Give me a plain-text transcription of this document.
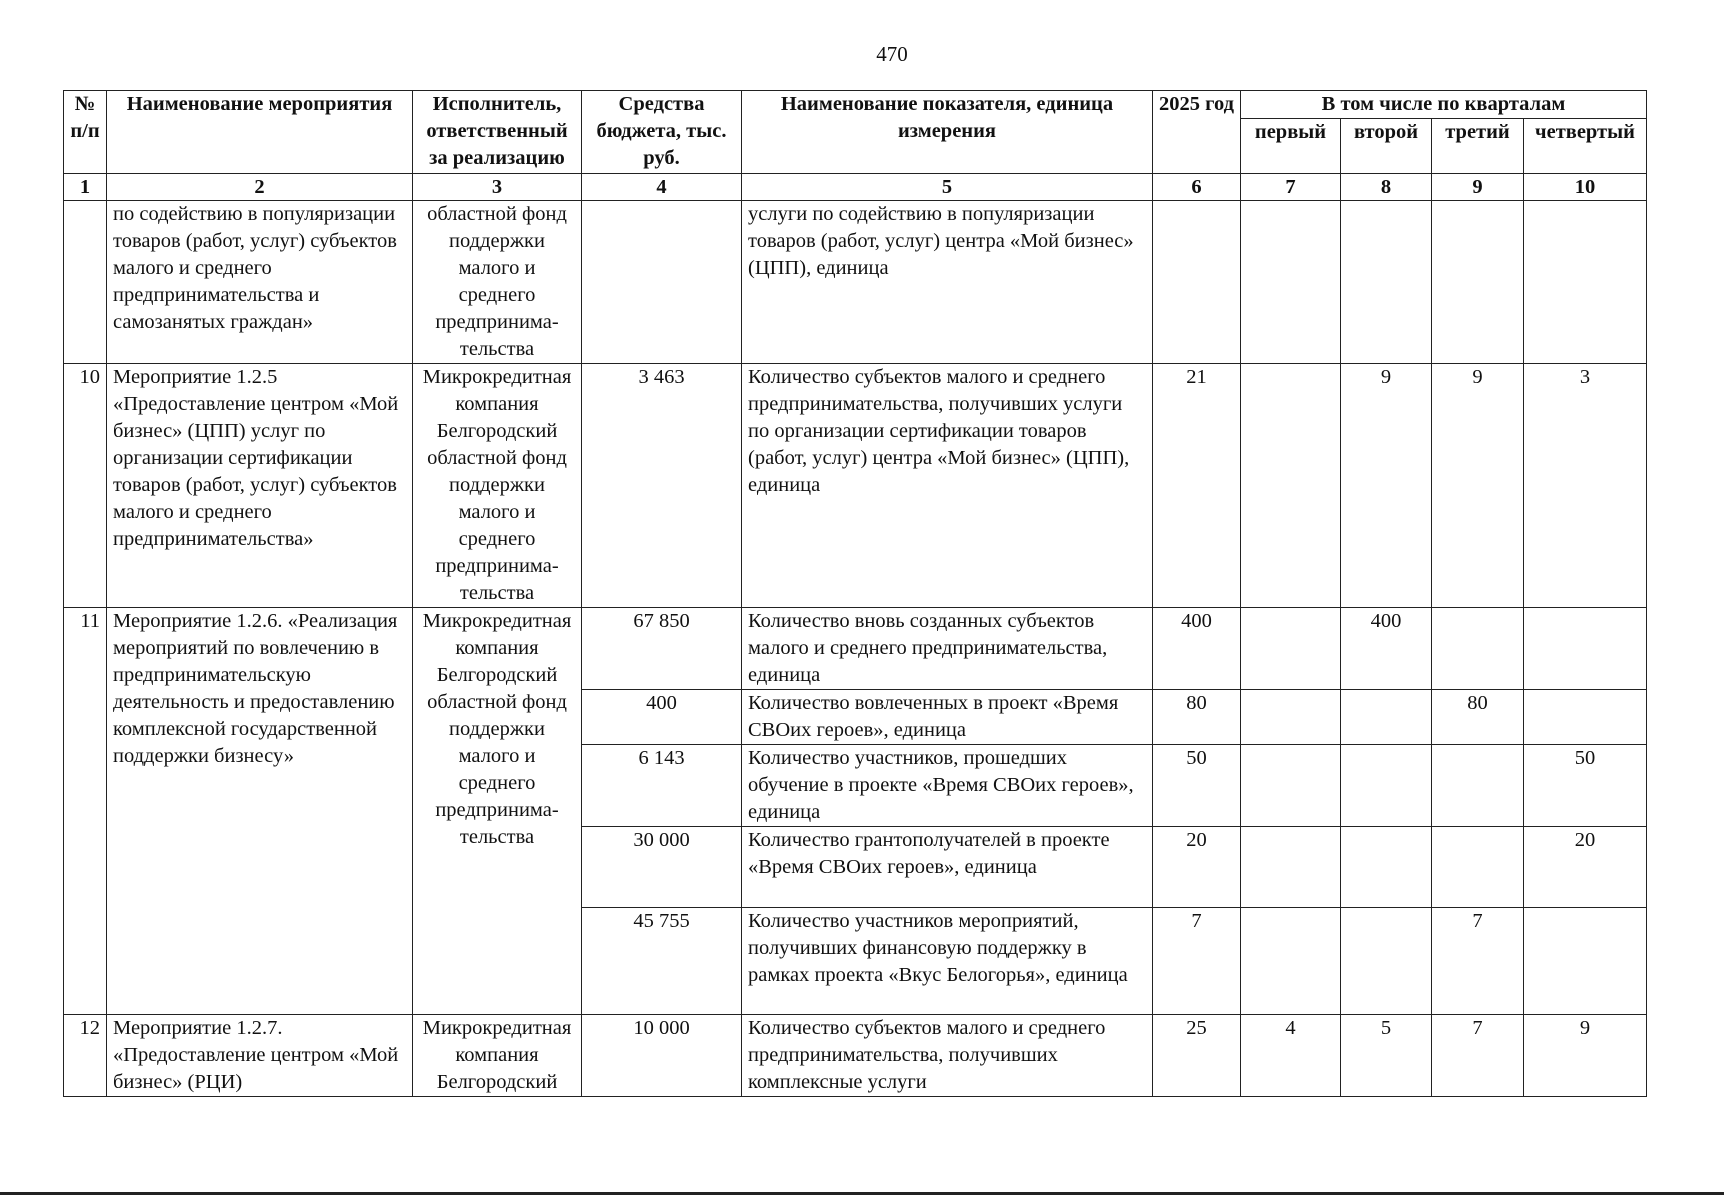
470
№ п/п	Наименование мероприятия	Исполнитель, ответственный за реализацию	Средства бюджета, тыс. руб.	Наименование показателя, единица измерения	2025 год	В том числе по кварталам			
						первый	второй	третий	четвертый
1	2	3	4	5	6	7	8	9	10
	по содействию в популяризации товаров (работ, услуг) субъектов малого и среднего предпринимательства и самозанятых граждан»	областной фонд поддержки малого и среднего предпринима-тельства		услуги по содействию в популяризации товаров (работ, услуг) центра «Мой бизнес» (ЦПП), единица					
10	Мероприятие 1.2.5 «Предоставление центром «Мой бизнес» (ЦПП) услуг по организации сертификации товаров (работ, услуг) субъектов малого и среднего предпринимательства»	Микрокредитная компания Белгородский областной фонд поддержки малого и среднего предпринима-тельства	3 463	Количество субъектов малого и среднего предпринимательства, получивших услуги по организации сертификации товаров (работ, услуг) центра «Мой бизнес» (ЦПП), единица	21		9	9	3
11	Мероприятие 1.2.6. «Реализация мероприятий по вовлечению в предпринимательскую деятельность и предоставлению комплексной государственной поддержки бизнесу»	Микрокредитная компания Белгородский областной фонд поддержки малого и среднего предпринима-тельства	67 850	Количество вновь созданных субъектов малого и среднего предпринимательства, единица	400		400		
			400	Количество вовлеченных в проект «Время СВОих героев», единица	80			80	
			6 143	Количество участников, прошедших обучение в проекте «Время СВОих героев», единица	50				50
			30 000	Количество грантополучателей в проекте «Время СВОих героев», единица	20				20
			45 755	Количество участников мероприятий, получивших финансовую поддержку в рамках проекта «Вкус Белогорья», единица	7			7	
12	Мероприятие 1.2.7. «Предоставление центром «Мой бизнес» (РЦИ)	Микрокредитная компания Белгородский	10 000	Количество субъектов малого и среднего предпринимательства, получивших комплексные услуги	25	4	5	7	9
